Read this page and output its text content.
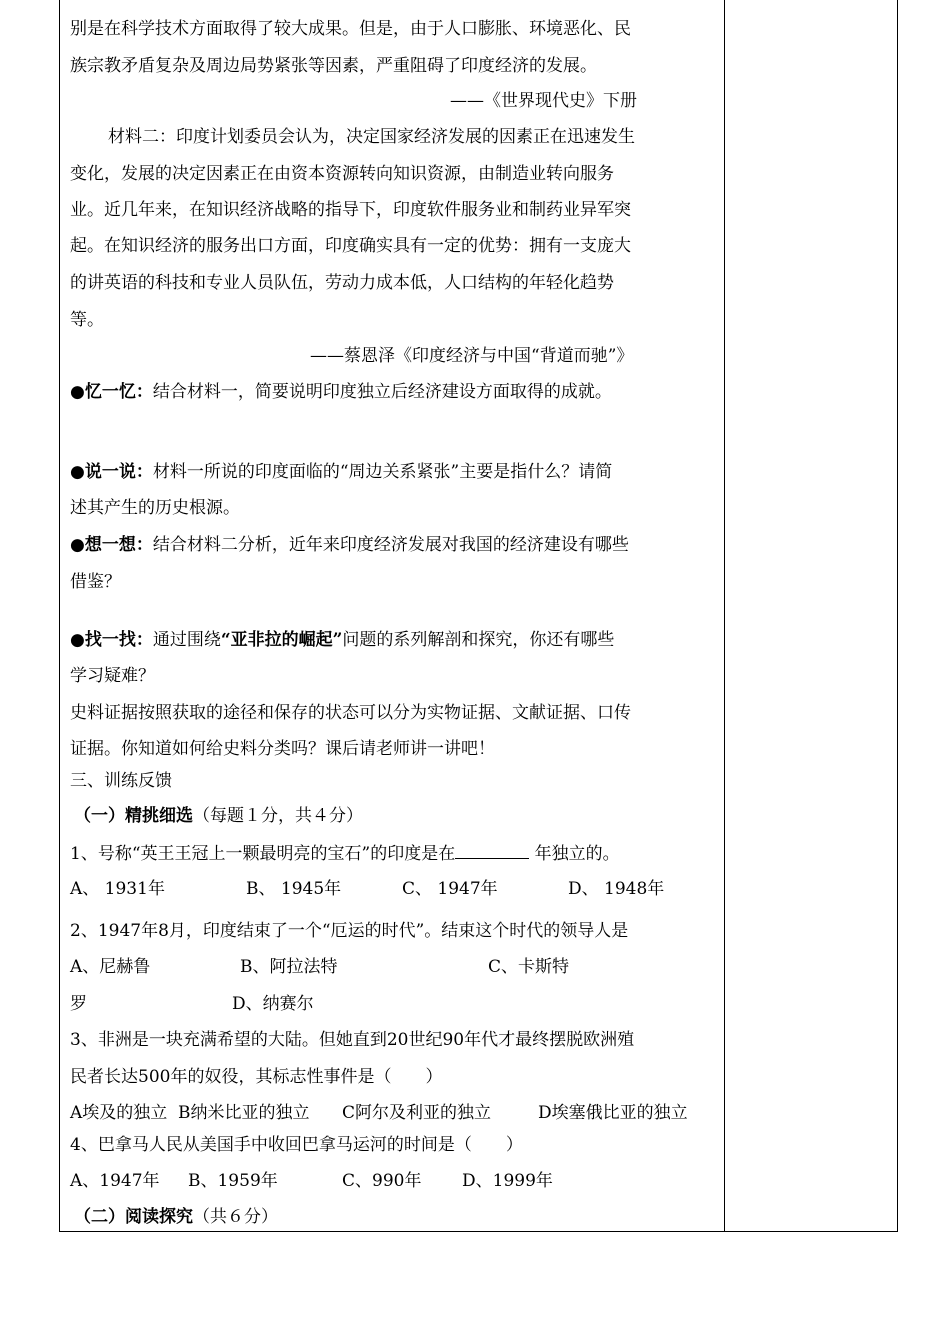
别是在科学技术方面取得了较大成果。但是，由于人口膨胀、环境恶化、民
族宗教矛盾复杂及周边局势紧张等因素，严重阻碍了印度经济的发展。
——《世界现代史》下册
材料二：印度计划委员会认为，决定国家经济发展的因素正在迅速发生
变化，发展的决定因素正在由资本资源转向知识资源，由制造业转向服务
业。近几年来，在知识经济战略的指导下，印度软件服务业和制药业异军突
起。在知识经济的服务出口方面，印度确实具有一定的优势：拥有一支庞大
的讲英语的科技和专业人员队伍，劳动力成本低，人口结构的年轻化趋势
等。
——蔡恩泽《印度经济与中国“背道而驰”》
●忆一忆：结合材料一，简要说明印度独立后经济建设方面取得的成就。
●说一说：材料一所说的印度面临的“周边关系紧张”主要是指什么？请简
述其产生的历史根源。
●想一想：结合材料二分析，近年来印度经济发展对我国的经济建设有哪些
借鉴？
●找一找：通过围绕“亚非拉的崛起”问题的系列解剖和探究，你还有哪些
学习疑难？
史料证据按照获取的途径和保存的状态可以分为实物证据、文献证据、口传
证据。你知道如何给史料分类吗？课后请老师讲一讲吧！
三、训练反馈
（一）精挑细选（每题１分，共４分）
1、号称“英王王冠上一颗最明亮的宝石”的印度是在	年独立的。
A、 1931年	B、 1945年	C、 1947年	D、 1948年
2、1947年8月，印度结束了一个“厄运的时代”。结束这个时代的领导人是
A、尼赫鲁	B、阿拉法特	C、卡斯特
罗	D、纳赛尔
3、非洲是一块充满希望的大陆。但她直到20世纪90年代才最终摆脱欧洲殖
民者长达500年的奴役，其标志性事件是（　　）
A埃及的独立 B纳米比亚的独立 C阿尔及利亚的独立	D埃塞俄比亚的独立
4、巴拿马人民从美国手中收回巴拿马运河的时间是（　　）
A、1947年 B、1959年	C、990年 D、1999年
（二）阅读探究（共６分）
